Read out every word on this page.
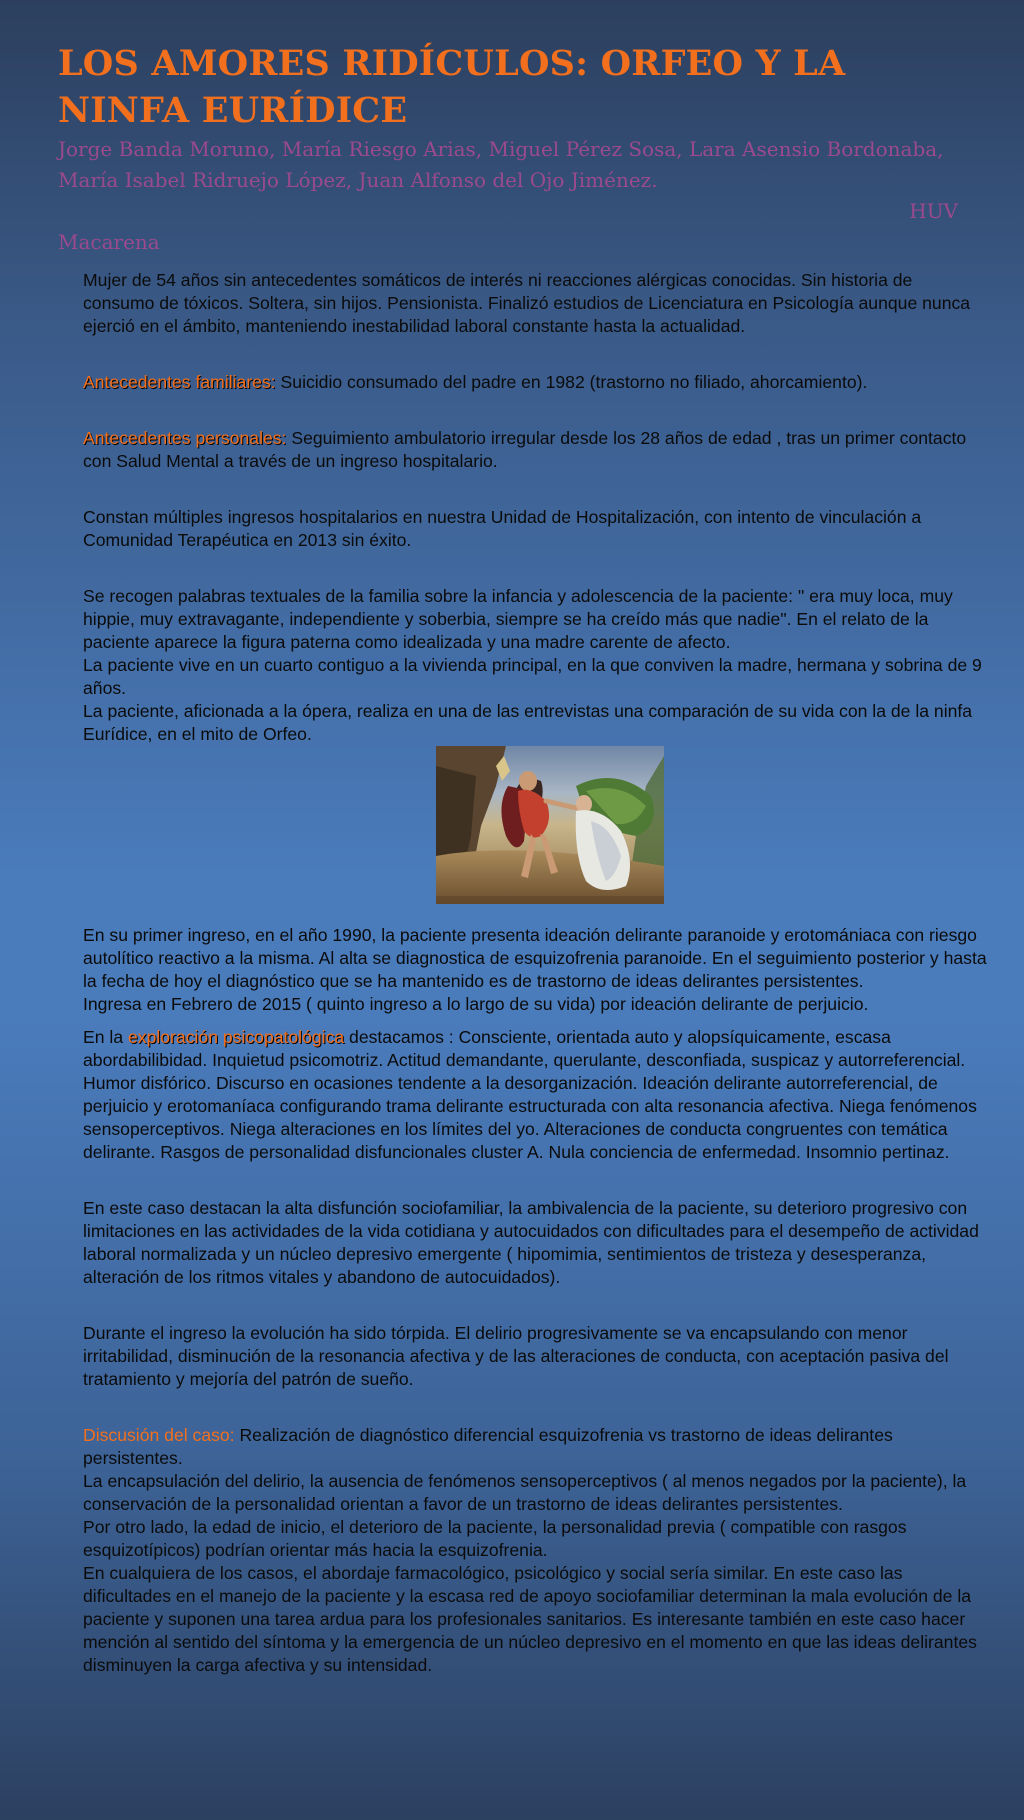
LOS AMORES RIDÍCULOS: ORFEO Y LA NINFA EURÍDICE

Jorge Banda Moruno, María Riesgo Arias, Miguel Pérez Sosa, Lara Asensio Bordonaba, María Isabel Ridruejo López, Juan Alfonso del Ojo Jiménez.
HUV
Macarena

Mujer de 54 años sin antecedentes somáticos de interés ni reacciones alérgicas conocidas. Sin historia de consumo de tóxicos. Soltera, sin hijos. Pensionista. Finalizó estudios de Licenciatura en Psicología aunque nunca ejerció en el ámbito, manteniendo inestabilidad laboral constante hasta la actualidad.

Antecedentes familiares: Suicidio consumado del padre en 1982 (trastorno no filiado, ahorcamiento).

Antecedentes personales: Seguimiento ambulatorio irregular desde los 28 años de edad , tras un primer contacto con Salud Mental a través de un ingreso hospitalario.

Constan múltiples ingresos hospitalarios en nuestra Unidad de Hospitalización, con intento de vinculación a Comunidad Terapéutica en 2013 sin éxito.

Se recogen palabras textuales de la familia sobre la infancia y adolescencia de la paciente: " era muy loca, muy hippie, muy extravagante, independiente y soberbia, siempre se ha creído más que nadie". En el relato de la paciente aparece la figura paterna como idealizada y una madre carente de afecto.

La paciente vive en un cuarto contiguo a la vivienda principal, en la que conviven la madre, hermana y sobrina de 9 años.

La paciente, aficionada a la ópera, realiza en una de las entrevistas una comparación de su vida con la de la ninfa Eurídice, en el mito de Orfeo.

En su primer ingreso, en el año 1990, la paciente presenta ideación delirante paranoide y erotomániaca con riesgo autolítico reactivo a la misma. Al alta se diagnostica de esquizofrenia paranoide. En el seguimiento posterior y hasta la fecha de hoy el diagnóstico que se ha mantenido es de trastorno de ideas delirantes persistentes.

Ingresa en Febrero de 2015 ( quinto ingreso a lo largo de su vida) por ideación delirante de perjuicio.

En la exploración psicopatológica destacamos : Consciente, orientada auto y alopsíquicamente, escasa abordabilibidad. Inquietud psicomotriz. Actitud demandante, querulante, desconfiada, suspicaz y autorreferencial. Humor disfórico. Discurso en ocasiones tendente a la desorganización. Ideación delirante autorreferencial, de perjuicio y erotomaníaca configurando trama delirante estructurada con alta resonancia afectiva. Niega fenómenos sensoperceptivos. Niega alteraciones en los límites del yo. Alteraciones de conducta congruentes con temática delirante. Rasgos de personalidad disfuncionales cluster A. Nula conciencia de enfermedad. Insomnio pertinaz.

En este caso destacan la alta disfunción sociofamiliar, la ambivalencia de la paciente, su deterioro progresivo con limitaciones en las actividades de la vida cotidiana y autocuidados con dificultades para el desempeño de actividad laboral normalizada y un núcleo depresivo emergente ( hipomimia, sentimientos de tristeza y desesperanza, alteración de los ritmos vitales y abandono de autocuidados).

Durante el ingreso la evolución ha sido tórpida. El delirio progresivamente se va encapsulando con menor irritabilidad, disminución de la resonancia afectiva y de las alteraciones de conducta, con aceptación pasiva del tratamiento y mejoría del patrón de sueño.

Discusión del caso: Realización de diagnóstico diferencial esquizofrenia vs trastorno de ideas delirantes persistentes.

La encapsulación del delirio, la ausencia de fenómenos sensoperceptivos ( al menos negados por la paciente), la conservación de la personalidad orientan a favor de un trastorno de ideas delirantes persistentes.

Por otro lado, la edad de inicio, el deterioro de la paciente, la personalidad previa ( compatible con rasgos esquizotípicos) podrían orientar más hacia la esquizofrenia.

En cualquiera de los casos, el abordaje farmacológico, psicológico y social sería similar. En este caso las dificultades en el manejo de la paciente y la escasa red de apoyo sociofamiliar determinan la mala evolución de la paciente y suponen una tarea ardua para los profesionales sanitarios. Es interesante también en este caso hacer mención al sentido del síntoma y la emergencia de un núcleo depresivo en el momento en que las ideas delirantes disminuyen la carga afectiva y su intensidad.
